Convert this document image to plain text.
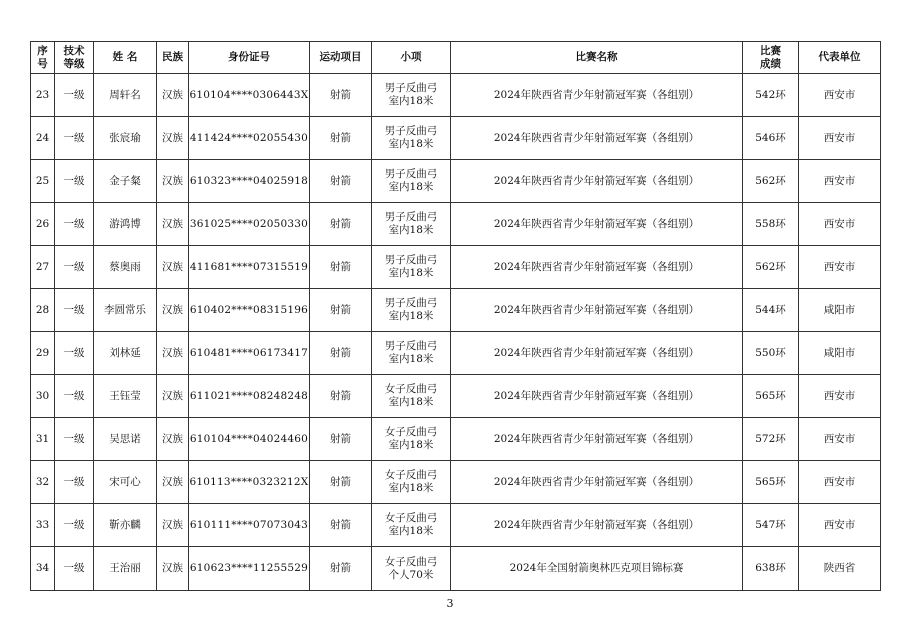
序
号	技术
等级	姓 名	民族	身份证号	运动项目	小项	比赛名称	比赛
成绩	代表单位
23	一级	周轩名	汉族	610104****0306443X	射箭	男子反曲弓
室内18米	2024年陕西省青少年射箭冠军赛（各组别）	542环	西安市
24	一级	张宸瑜	汉族	411424****02055430	射箭	男子反曲弓
室内18米	2024年陕西省青少年射箭冠军赛（各组别）	546环	西安市
25	一级	金子粲	汉族	610323****04025918	射箭	男子反曲弓
室内18米	2024年陕西省青少年射箭冠军赛（各组别）	562环	西安市
26	一级	游鸿博	汉族	361025****02050330	射箭	男子反曲弓
室内18米	2024年陕西省青少年射箭冠军赛（各组别）	558环	西安市
27	一级	蔡奥雨	汉族	411681****07315519	射箭	男子反曲弓
室内18米	2024年陕西省青少年射箭冠军赛（各组别）	562环	西安市
28	一级	李圆常乐	汉族	610402****08315196	射箭	男子反曲弓
室内18米	2024年陕西省青少年射箭冠军赛（各组别）	544环	咸阳市
29	一级	刘林延	汉族	610481****06173417	射箭	男子反曲弓
室内18米	2024年陕西省青少年射箭冠军赛（各组别）	550环	咸阳市
30	一级	王钰莹	汉族	611021****08248248	射箭	女子反曲弓
室内18米	2024年陕西省青少年射箭冠军赛（各组别）	565环	西安市
31	一级	吴思诺	汉族	610104****04024460	射箭	女子反曲弓
室内18米	2024年陕西省青少年射箭冠军赛（各组别）	572环	西安市
32	一级	宋可心	汉族	610113****0323212X	射箭	女子反曲弓
室内18米	2024年陕西省青少年射箭冠军赛（各组别）	565环	西安市
33	一级	靳亦麟	汉族	610111****07073043	射箭	女子反曲弓
室内18米	2024年陕西省青少年射箭冠军赛（各组别）	547环	西安市
34	一级	王治丽	汉族	610623****11255529	射箭	女子反曲弓
个人70米	2024年全国射箭奥林匹克项目锦标赛	638环	陕西省
3
